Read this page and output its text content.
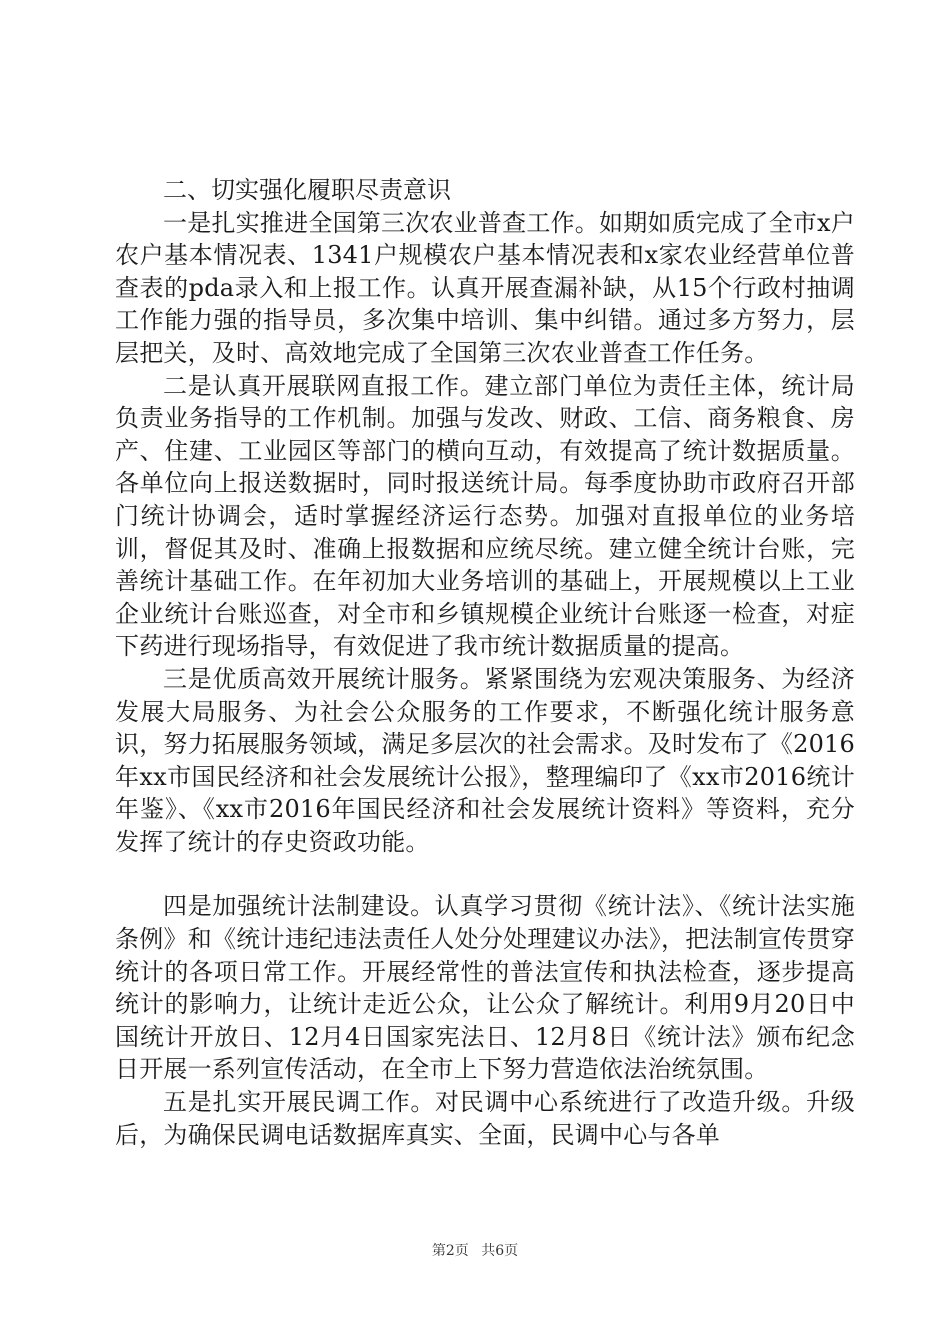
二、切实强化履职尽责意识

一是扎实推进全国第三次农业普查工作。如期如质完成了全市x户农户基本情况表、1341户规模农户基本情况表和x家农业经营单位普查表的pda录入和上报工作。认真开展查漏补缺，从15个行政村抽调工作能力强的指导员，多次集中培训、集中纠错。通过多方努力，层层把关，及时、高效地完成了全国第三次农业普查工作任务。

二是认真开展联网直报工作。建立部门单位为责任主体，统计局负责业务指导的工作机制。加强与发改、财政、工信、商务粮食、房产、住建、工业园区等部门的横向互动，有效提高了统计数据质量。各单位向上报送数据时，同时报送统计局。每季度协助市政府召开部门统计协调会，适时掌握经济运行态势。加强对直报单位的业务培训，督促其及时、准确上报数据和应统尽统。建立健全统计台账，完善统计基础工作。在年初加大业务培训的基础上，开展规模以上工业企业统计台账巡查，对全市和乡镇规模企业统计台账逐一检查，对症下药进行现场指导，有效促进了我市统计数据质量的提高。

三是优质高效开展统计服务。紧紧围绕为宏观决策服务、为经济发展大局服务、为社会公众服务的工作要求，不断强化统计服务意识，努力拓展服务领域，满足多层次的社会需求。及时发布了《2016年xx市国民经济和社会发展统计公报》，整理编印了《xx市2016统计年鉴》、《xx市2016年国民经济和社会发展统计资料》等资料，充分发挥了统计的存史资政功能。

四是加强统计法制建设。认真学习贯彻《统计法》、《统计法实施条例》和《统计违纪违法责任人处分处理建议办法》，把法制宣传贯穿统计的各项日常工作。开展经常性的普法宣传和执法检查，逐步提高统计的影响力，让统计走近公众，让公众了解统计。利用9月20日中国统计开放日、12月4日国家宪法日、12月8日《统计法》颁布纪念日开展一系列宣传活动，在全市上下努力营造依法治统氛围。

五是扎实开展民调工作。对民调中心系统进行了改造升级。升级后，为确保民调电话数据库真实、全面，民调中心与各单

第2页 共6页
